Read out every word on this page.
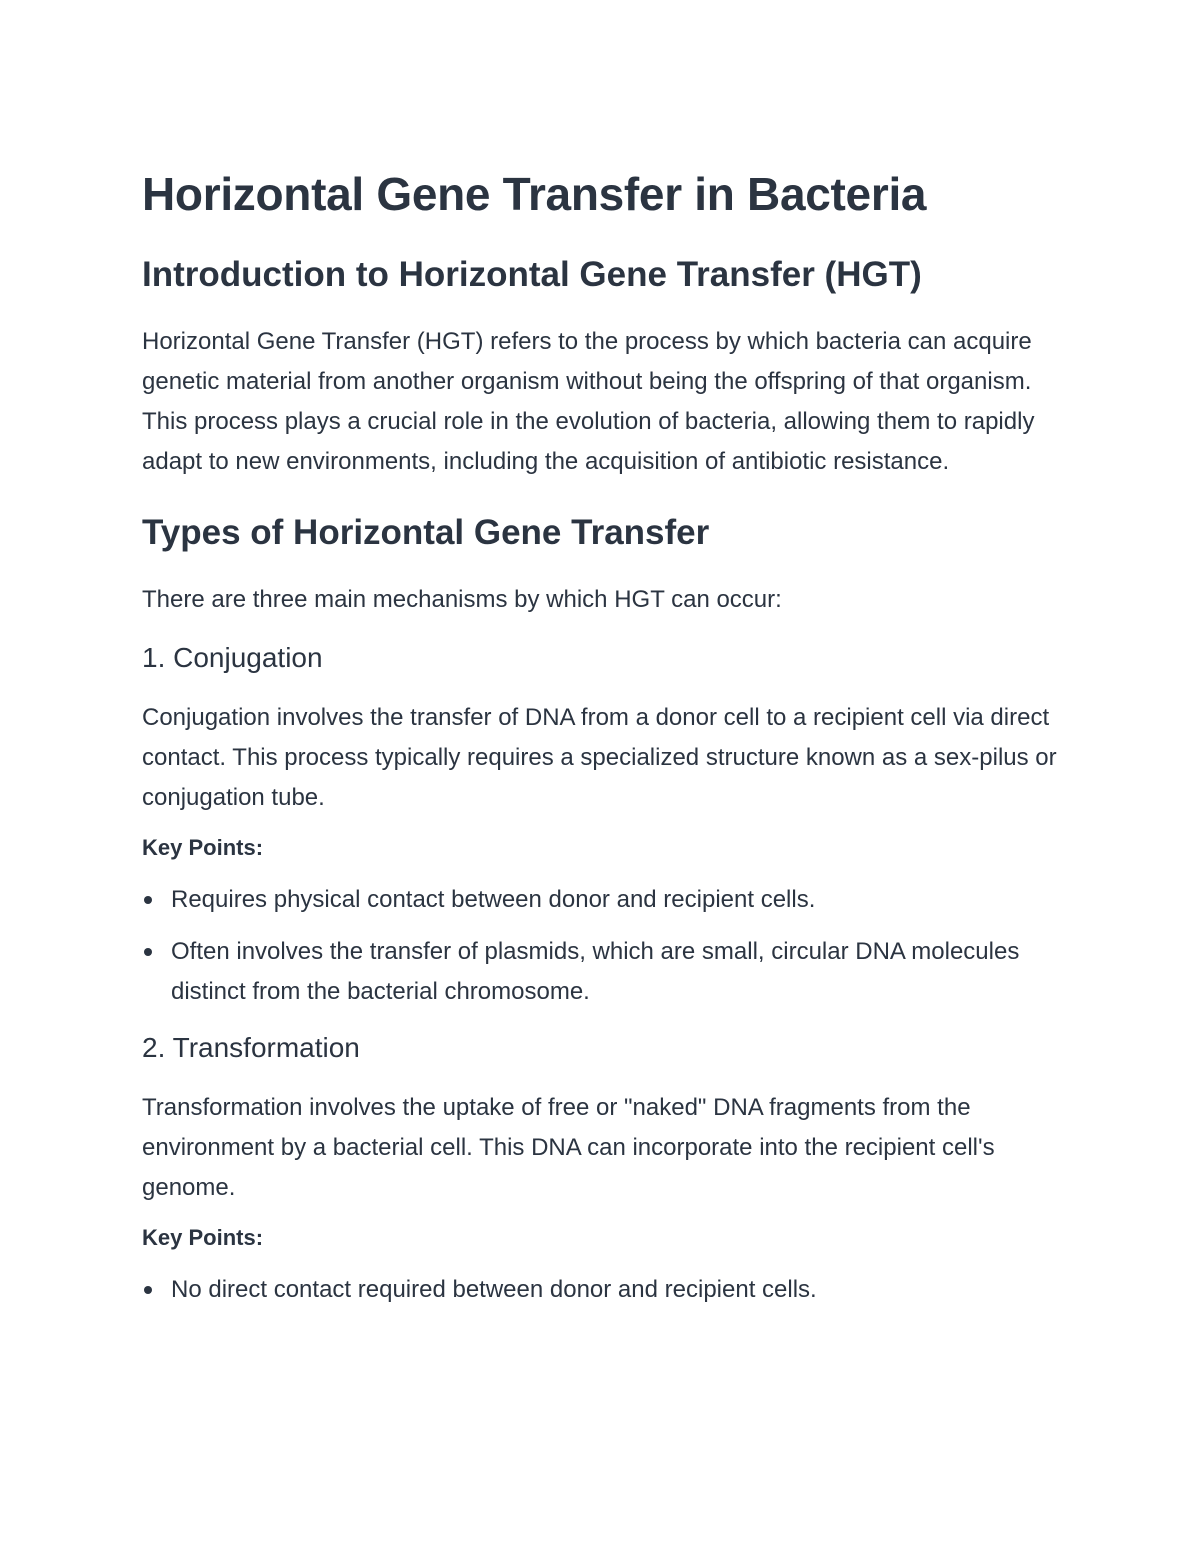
Horizontal Gene Transfer in Bacteria
Introduction to Horizontal Gene Transfer (HGT)

Horizontal Gene Transfer (HGT) refers to the process by which bacteria can acquire genetic material from another organism without being the offspring of that organism. This process plays a crucial role in the evolution of bacteria, allowing them to rapidly adapt to new environments, including the acquisition of antibiotic resistance.

Types of Horizontal Gene Transfer

There are three main mechanisms by which HGT can occur:

1. Conjugation

Conjugation involves the transfer of DNA from a donor cell to a recipient cell via direct contact. This process typically requires a specialized structure known as a sex-pilus or conjugation tube.

Key Points:
Requires physical contact between donor and recipient cells.
Often involves the transfer of plasmids, which are small, circular DNA molecules distinct from the bacterial chromosome.
2. Transformation

Transformation involves the uptake of free or "naked" DNA fragments from the environment by a bacterial cell. This DNA can incorporate into the recipient cell's genome.

Key Points:
No direct contact required between donor and recipient cells.
